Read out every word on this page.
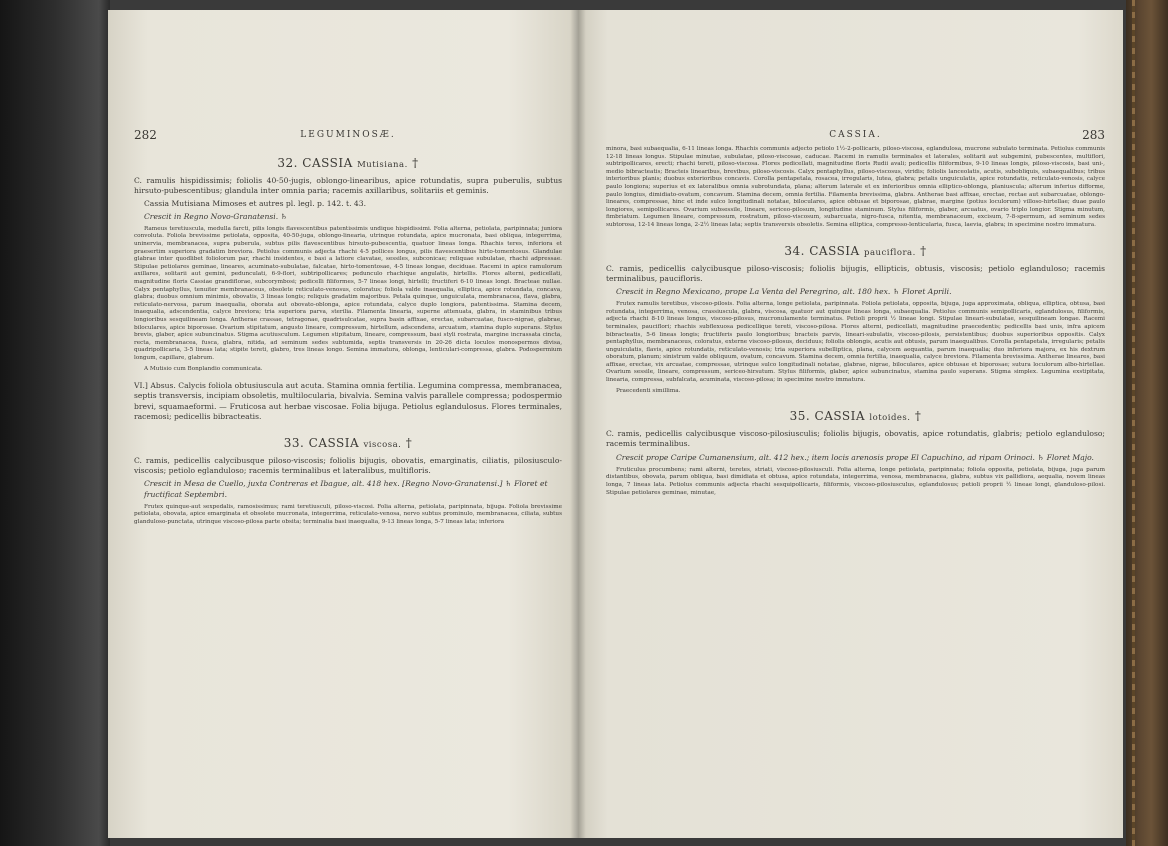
282	LEGUMINOSÆ.
32. CASSIA Mutisiana. †

C. ramulis hispidissimis; foliolis 40-50-jugis, oblongo-linearibus, apice rotundatis, supra puberulis, subtus hirsuto-pubescentibus; glandula inter omnia paria; racemis axillaribus, solitariis et geminis.

Cassia Mutisiana Mimoses et autres pl. legl. p. 142. t. 43.

Crescit in Regno Novo-Granatensi. ♄

Rameus teretiuscula, medulla farcti, pilis longis flavescentibus patentissimis undique hispidissimi. Folia alterna, petiolata, paripinnata; juniora convoluta. Foliola brevissime petiolata, opposita, 40-50-juga, oblongo-linearia, utrinque rotundata, apice mucronata, basi obliqua, integerrima, uninervia, membranacea, supra puberula, subtus pilis flavescentibus hirsuto-pubescentia, quatuor lineas longa. Rhachis teres, inferiora et praesertim superiora gradatim breviora. Petiolus communis adjecta rhachi 4-5 pollices longus, pilis flavescentibus hirto-tomentosus. Glandulae glabrae inter quodlibet foliolorum par, rhachi insidentes, e basi a latiore clavatae, sessiles, subconicae; reliquae subulatae, rhachi adpressae. Stipulae petiolares geminae, lineares, acuminato-subulatae, falcatae, hirto-tomentosae, 4-5 lineas longae, deciduae. Racemi in apice ramulorum axillares, solitarii aut gemini, pedunculati, 6-9-flori, subtripollicares; pedunculo rhachique angulatis, hirtellis. Flores alterni, pedicellati, magnitudine floris Cassiae grandiflorae, subcorymbosi; pedicelli filiformes, 5-7 lineas longi, hirtelli; fructiferi 6-10 lineas longi. Bracteae nullae. Calyx pentaphyllus, tenuiter membranaceus, obsolete reticulato-venosus, coloratus; foliola valde inaequalia, elliptica, apice rotundata, concava, glabra; duobus omnium minimis, obovatis, 3 lineas longis; reliquis gradatim majoribus. Petala quinque, unguiculata, membranacea, flava, glabra, reticulato-nervosa, parum inaequalia, oborata aut obovato-oblonga, apice rotundata, calyce duplo longiora, patentissima. Stamina decem, inaequalia, adscendentia, calyce breviora; tria superiora parva, sterilia. Filamenta linearia, superne attenuata, glabra, in staminibus tribus longioribus sesquilineam longa. Antherae crassae, tetragonae, quadrisulcatae, supra basin affixae, erectae, subarcuatae, fusco-nigrae, glabrae, biloculares, apice biporosae. Ovarium stipitatum, angusto lineare, compressum, hirtellum, adscendens, arcuatum, stamina duplo superans. Stylus brevis, glaber, apice subuncinatus. Stigma acutiusculum. Legumen stipitatum, lineare, compressum, basi styli rostrata, margine incrassata cincta, recta, membranacea, fusca, glabra, nitida, ad seminum sedes subtumida, septis transversis in 20-26 dicta loculos monospermos divisa, quadripollicaria, 3-5 lineas lata; stipite tereti, glabro, tres lineas longo. Semina immatura, oblonga, lenticulari-compressa, glabra. Podospermium longum, capillare, glabrum.

A Mutisio cum Bonplandio communicata.

VI.] Absus. Calycis foliola obtusiuscula aut acuta. Stamina omnia fertilia. Legumina compressa, membranacea, septis transversis, incipiam obsoletis, multilocularia, bivalvia. Semina valvis parallele compressa; podospermio brevi, squamaeformi. — Fruticosa aut herbae viscosae. Folia bijuga. Petiolus eglandulosus. Flores terminales, racemosi; pedicellis bibracteatis.

33. CASSIA viscosa. †

C. ramis, pedicellis calycibusque piloso-viscosis; foliolis bijugis, obovatis, emarginatis, ciliatis, pilosiusculo-viscosis; petiolo eglanduloso; racemis terminalibus et lateralibus, multifloris.

Crescit in Mesa de Cuello, juxta Contreras et Ibague, alt. 418 hex. [Regno Novo-Granatensi.] ♄ Floret et fructificat Septembri.

Frutex quinque-aut sexpedalis, ramosissimus; rami teretiusculi, piloso-viscosi. Folia alterna, petiolata, paripinnata, bijuga. Foliola brevissime petiolata, obovata, apice emarginata et obsolete mucronata, integerrima, reticulato-venosa, nervo subtus prominulo, membranacea, ciliata, subtus glanduloso-punctata, utrinque viscoso-pilosa parte obsita; terminalia basi inaequalia, 9-13 lineas longa, 5-7 lineas lata; inferiora

CASSIA.	283

minora, basi subaequalia, 6-11 lineas longa. Rhachis communis adjecto petiolo 1½-2-pollicaris, piloso-viscosa, eglandulosa, mucrone subulato terminata. Petiolus communis 12-18 lineas longus. Stipulae minutae, subulatae, piloso-viscosae, caducae. Racemi in ramulis terminales et laterales, solitarii aut subgemini, pubescentes, multiflori, subtripollicares, erecti; rhachi tereti, piloso-viscosa. Flores pedicellati, magnitudine floris Rudii avali; pedicellis filiformibus, 9-10 lineas longis, piloso-viscosis, basi uni-, medio bibracteatis; Bracteis linearibus, brevibus, piloso-viscosis. Calyx pentaphyllus, piloso-viscosus, viridis; foliolis lanceolatis, acutis, subobliquis, subaequalibus; tribus interioribus planis; duobus exterioribus concavis. Corolla pentapetala, rosacea, irregularis, lutea, glabra; petalis unguiculatis, apice rotundatis, reticulato-venosis, calyce paulo longiora; superius et ex lateralibus omnia subrotundata, plana; alterum laterale et ex inferioribus omnia elliptico-oblonga, planiuscula; alterum inferius difforme, paulo longius, dimidiato-ovatum, concavum. Stamina decem, omnia fertilia. Filamenta brevissima, glabra. Antherae basi affixae, erectae, rectae aut subarcuatae, oblongo-lineares, compressae, hinc et inde sulco longitudinali notatae, biloculares, apice obtusae et biporosae, glabrae, margine (potius loculorum) villoso-hirtellae; duae paulo longiores, semipollicares. Ovarium subsessile, lineare, sericeo-pilosum, longitudine staminum. Stylus filiformis, glaber, arcuatus, ovario triplo longior. Stigma minutum, fimbriatum. Legumen lineare, compressum, rostratum, piloso-viscosum, subarcuata, nigro-fusca, nitentia, membranaceum, excisum, 7-8-spermum, ad seminum sedes subtorosa, 12-14 lineas longa, 2-2½ lineas lata; septis transversis obsoletis. Semina elliptica, compresso-lenticularia, fusca, laevia, glabra; in specimine nostro immatura.

34. CASSIA pauciflora. †

C. ramis, pedicellis calycibusque piloso-viscosis; foliolis bijugis, ellipticis, obtusis, viscosis; petiolo eglanduloso; racemis terminalibus, paucifloris.

Crescit in Regno Mexicano, prope La Venta del Peregrino, alt. 180 hex. ♄ Floret Aprili.

Frutex ramulis teretibus, viscoso-pilosis. Folia alterna, longe petiolata, paripinnata. Foliola petiolata, opposita, bijuga, juga approximata, obliqua, elliptica, obtusa, basi rotundata, integerrima, venosa, crassiuscula, glabra, viscosa, quatuor aut quinque lineas longa, subaequalia. Petiolus communis semipollicaris, eglandulosus, filiformis, adjecta rhachi 8-10 lineas longus, viscoso-pilosus, mucronulamente terminatus. Petioli proprii ½ lineae longi. Stipulae lineari-subulatae, sesquilineam longae. Racemi terminales, pauciflori; rhachis subflexuosa pedicellique tereti, viscoso-pilosa. Flores alterni, pedicellati, magnitudine praecedentis; pedicellis basi unis, infra apicem bibracteatis, 5-6 lineas longis; fructiferis paulo longioribus; bracteis parvis, lineari-subulatis, viscoso-pilosis, persistentibus; duobus superioribus oppositis. Calyx pentaphyllus, membranaceus, coloratus, externe viscoso-pilosus, deciduus; foliolis oblongis, acutis aut obtusis, parum inaequalibus. Corolla pentapetala, irregularis; petalis unguiculatis, flavis, apice rotundatis, reticulato-venosis; tria superiora subelliptica, plana, calycem aequantia, parum inaequalia; duo inferiora majora, ex his dextrum oboratum, planum; sinistrum valde obliquum, ovatum, concavum. Stamina decem, omnia fertilia, inaequalia, calyce breviora. Filamenta brevissima. Antherae lineares, basi affixae, erectae, vix arcuatae, compressae, utrinque sulco longitudinali notatae, glabrae, nigrae, biloculares, apice obtusae et biporosae; sutura loculorum albo-hirtellae. Ovarium sessile, lineare, compressum, sericeo-hirsutum. Stylus filiformis, glaber, apice subuncinatus, stamina paulo superans. Stigma simplex. Legumina exstipitata, linearia, compressa, subfalcata, acuminata, viscoso-pilosa; in specimine nostro immatura.

Praecedenti simillima.

35. CASSIA lotoides. †

C. ramis, pedicellis calycibusque viscoso-pilosiusculis; foliolis bijugis, obovatis, apice rotundatis, glabris; petiolo eglanduloso; racemis terminalibus.

Crescit prope Caripe Cumanensium, alt. 412 hex.; item locis arenosis prope El Capuchino, ad ripam Orinoci. ♄ Floret Majo.

Fruticulus procumbens; rami alterni, teretes, striati, viscoso-pilosiusculi. Folia alterna, longe petiolata, paripinnata; foliola opposita, petiolata, bijuga, juga parum distantibus, obovata, parum obliqua, basi dimidiata et obtusa, apice rotundata, integerrima, venosa, membranacea, glabra, subtus vix pallidiora, aequalia, novem lineas longa, 7 lineas lata. Petiolus communis adjecta rhachi sesquipollicaris, filiformis, viscoso-pilosiusculus, eglandulosus; petioli proprii ½ lineae longi, glanduloso-pilosi. Stipulae petiolares geminae, minutae,
